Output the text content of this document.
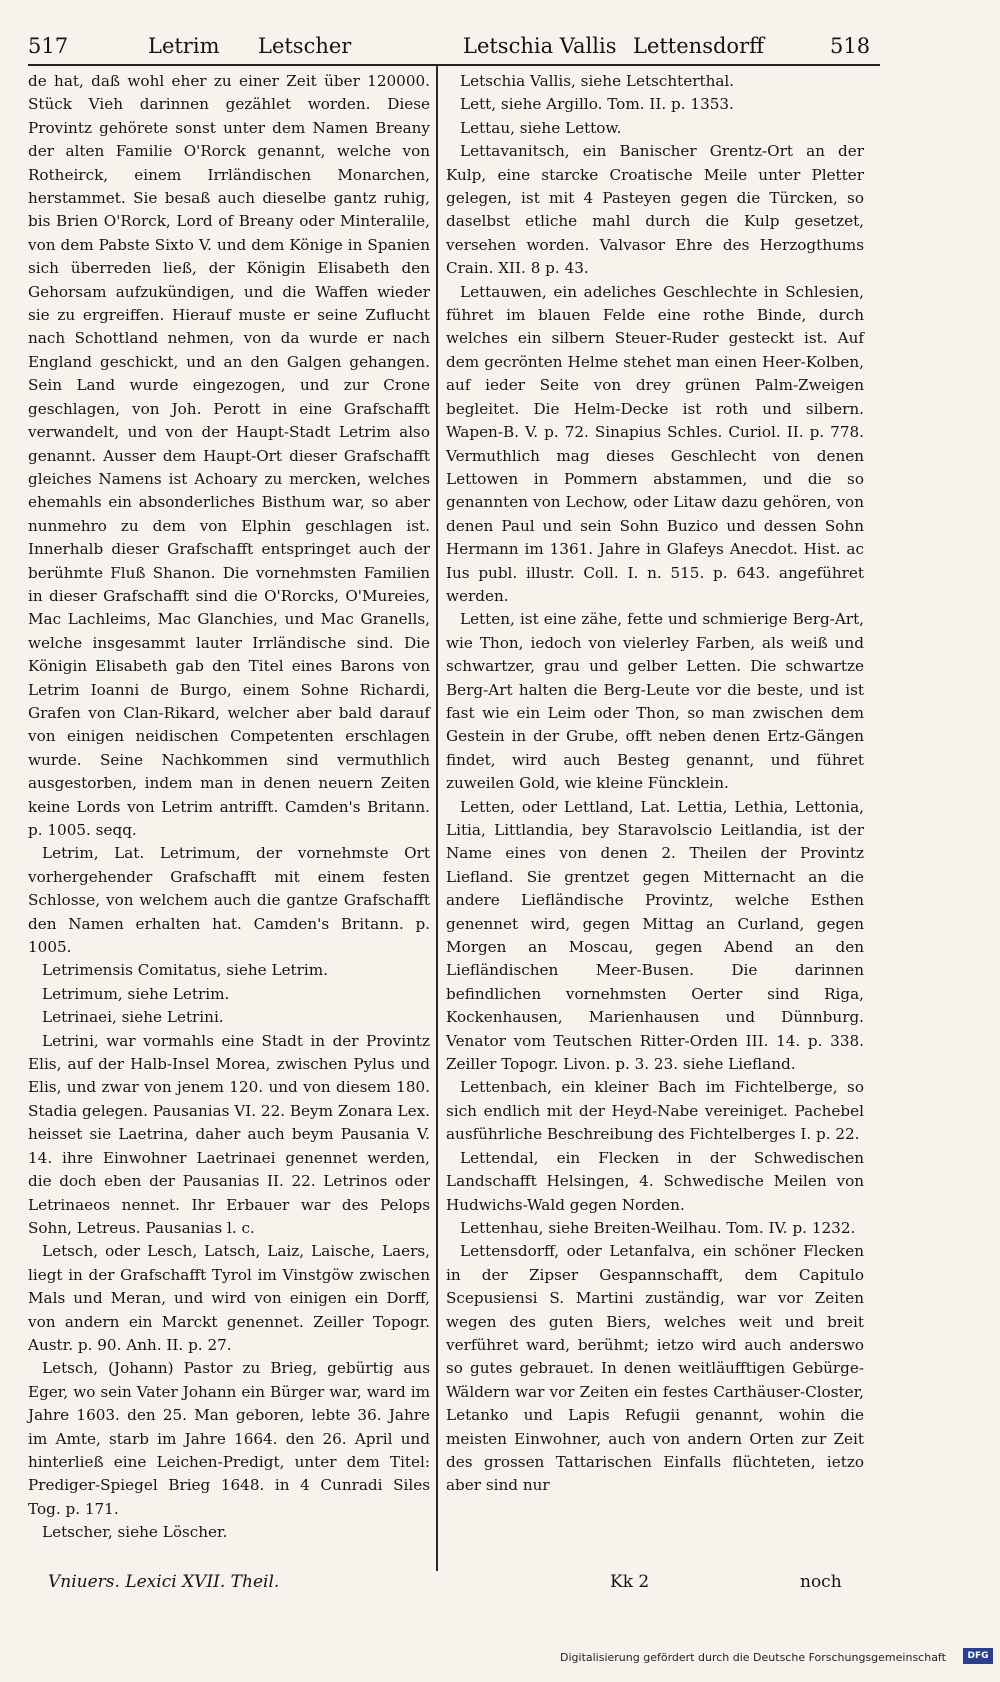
517	Letrim Letscher	Letschia Vallis Lettensdorff	518

de hat, daß wohl eher zu einer Zeit über 120000. Stück Vieh darinnen gezählet worden. Diese Provintz gehörete sonst unter dem Namen Breany der alten Familie O'Rorck genannt, welche von Rotheirck, einem Irrländischen Monarchen, herstammet. Sie besaß auch dieselbe gantz ruhig, bis Brien O'Rorck, Lord of Breany oder Minteralile, von dem Pabste Sixto V. und dem Könige in Spanien sich überreden ließ, der Königin Elisabeth den Gehorsam aufzukündigen, und die Waffen wieder sie zu ergreiffen. Hierauf muste er seine Zuflucht nach Schottland nehmen, von da wurde er nach England geschickt, und an den Galgen gehangen. Sein Land wurde eingezogen, und zur Crone geschlagen, von Joh. Perott in eine Grafschafft verwandelt, und von der Haupt-Stadt Letrim also genannt. Ausser dem Haupt-Ort dieser Grafschafft gleiches Namens ist Achoary zu mercken, welches ehemahls ein absonderliches Bisthum war, so aber nunmehro zu dem von Elphin geschlagen ist. Innerhalb dieser Grafschafft entspringet auch der berühmte Fluß Shanon. Die vornehmsten Familien in dieser Grafschafft sind die O'Rorcks, O'Mureies, Mac Lachleims, Mac Glanchies, und Mac Granells, welche insgesammt lauter Irrländische sind. Die Königin Elisabeth gab den Titel eines Barons von Letrim Ioanni de Burgo, einem Sohne Richardi, Grafen von Clan-Rikard, welcher aber bald darauf von einigen neidischen Competenten erschlagen wurde. Seine Nachkommen sind vermuthlich ausgestorben, indem man in denen neuern Zeiten keine Lords von Letrim antrifft. Camden's Britann. p. 1005. seqq.

Letrim, Lat. Letrimum, der vornehmste Ort vorhergehender Grafschafft mit einem festen Schlosse, von welchem auch die gantze Grafschafft den Namen erhalten hat. Camden's Britann. p. 1005.

Letrimensis Comitatus, siehe Letrim.

Letrimum, siehe Letrim.

Letrinaei, siehe Letrini.

Letrini, war vormahls eine Stadt in der Provintz Elis, auf der Halb-Insel Morea, zwischen Pylus und Elis, und zwar von jenem 120. und von diesem 180. Stadia gelegen. Pausanias VI. 22. Beym Zonara Lex. heisset sie Laetrina, daher auch beym Pausania V. 14. ihre Einwohner Laetrinaei genennet werden, die doch eben der Pausanias II. 22. Letrinos oder Letrinaeos nennet. Ihr Erbauer war des Pelops Sohn, Letreus. Pausanias l. c.

Letsch, oder Lesch, Latsch, Laiz, Laische, Laers, liegt in der Grafschafft Tyrol im Vinstgöw zwischen Mals und Meran, und wird von einigen ein Dorff, von andern ein Marckt genennet. Zeiller Topogr. Austr. p. 90. Anh. II. p. 27.

Letsch, (Johann) Pastor zu Brieg, gebürtig aus Eger, wo sein Vater Johann ein Bürger war, ward im Jahre 1603. den 25. Man geboren, lebte 36. Jahre im Amte, starb im Jahre 1664. den 26. April und hinterließ eine Leichen-Predigt, unter dem Titel: Prediger-Spiegel Brieg 1648. in 4 Cunradi Siles Tog. p. 171.

Letscher, siehe Löscher.

Letschia Vallis, siehe Letschterthal.

Lett, siehe Argillo. Tom. II. p. 1353.

Lettau, siehe Lettow.

Lettavanitsch, ein Banischer Grentz-Ort an der Kulp, eine starcke Croatische Meile unter Pletter gelegen, ist mit 4 Pasteyen gegen die Türcken, so daselbst etliche mahl durch die Kulp gesetzet, versehen worden. Valvasor Ehre des Herzogthums Crain. XII. 8 p. 43.

Lettauwen, ein adeliches Geschlechte in Schlesien, führet im blauen Felde eine rothe Binde, durch welches ein silbern Steuer-Ruder gesteckt ist. Auf dem gecrönten Helme stehet man einen Heer-Kolben, auf ieder Seite von drey grünen Palm-Zweigen begleitet. Die Helm-Decke ist roth und silbern. Wapen-B. V. p. 72. Sinapius Schles. Curiol. II. p. 778. Vermuthlich mag dieses Geschlecht von denen Lettowen in Pommern abstammen, und die so genannten von Lechow, oder Litaw dazu gehören, von denen Paul und sein Sohn Buzico und dessen Sohn Hermann im 1361. Jahre in Glafeys Anecdot. Hist. ac Ius publ. illustr. Coll. I. n. 515. p. 643. angeführet werden.

Letten, ist eine zähe, fette und schmierige Berg-Art, wie Thon, iedoch von vielerley Farben, als weiß und schwartzer, grau und gelber Letten. Die schwartze Berg-Art halten die Berg-Leute vor die beste, und ist fast wie ein Leim oder Thon, so man zwischen dem Gestein in der Grube, offt neben denen Ertz-Gängen findet, wird auch Besteg genannt, und führet zuweilen Gold, wie kleine Füncklein.

Letten, oder Lettland, Lat. Lettia, Lethia, Lettonia, Litia, Littlandia, bey Staravolscio Leitlandia, ist der Name eines von denen 2. Theilen der Provintz Liefland. Sie grentzet gegen Mitternacht an die andere Liefländische Provintz, welche Esthen genennet wird, gegen Mittag an Curland, gegen Morgen an Moscau, gegen Abend an den Liefländischen Meer-Busen. Die darinnen befindlichen vornehmsten Oerter sind Riga, Kockenhausen, Marienhausen und Dünnburg. Venator vom Teutschen Ritter-Orden III. 14. p. 338. Zeiller Topogr. Livon. p. 3. 23. siehe Liefland.

Lettenbach, ein kleiner Bach im Fichtelberge, so sich endlich mit der Heyd-Nabe vereiniget. Pachebel ausführliche Beschreibung des Fichtelberges I. p. 22.

Lettendal, ein Flecken in der Schwedischen Landschafft Helsingen, 4. Schwedische Meilen von Hudwichs-Wald gegen Norden.

Lettenhau, siehe Breiten-Weilhau. Tom. IV. p. 1232.

Lettensdorff, oder Letanfalva, ein schöner Flecken in der Zipser Gespannschafft, dem Capitulo Scepusiensi S. Martini zuständig, war vor Zeiten wegen des guten Biers, welches weit und breit verführet ward, berühmt; ietzo wird auch anderswo so gutes gebrauet. In denen weitläufftigen Gebürge-Wäldern war vor Zeiten ein festes Carthäuser-Closter, Letanko und Lapis Refugii genannt, wohin die meisten Einwohner, auch von andern Orten zur Zeit des grossen Tattarischen Einfalls flüchteten, ietzo aber sind nur

Vniuers. Lexici XVII. Theil.	Kk 2	noch
Digitalisierung gefördert durch die Deutsche Forschungsgemeinschaft	DFG
